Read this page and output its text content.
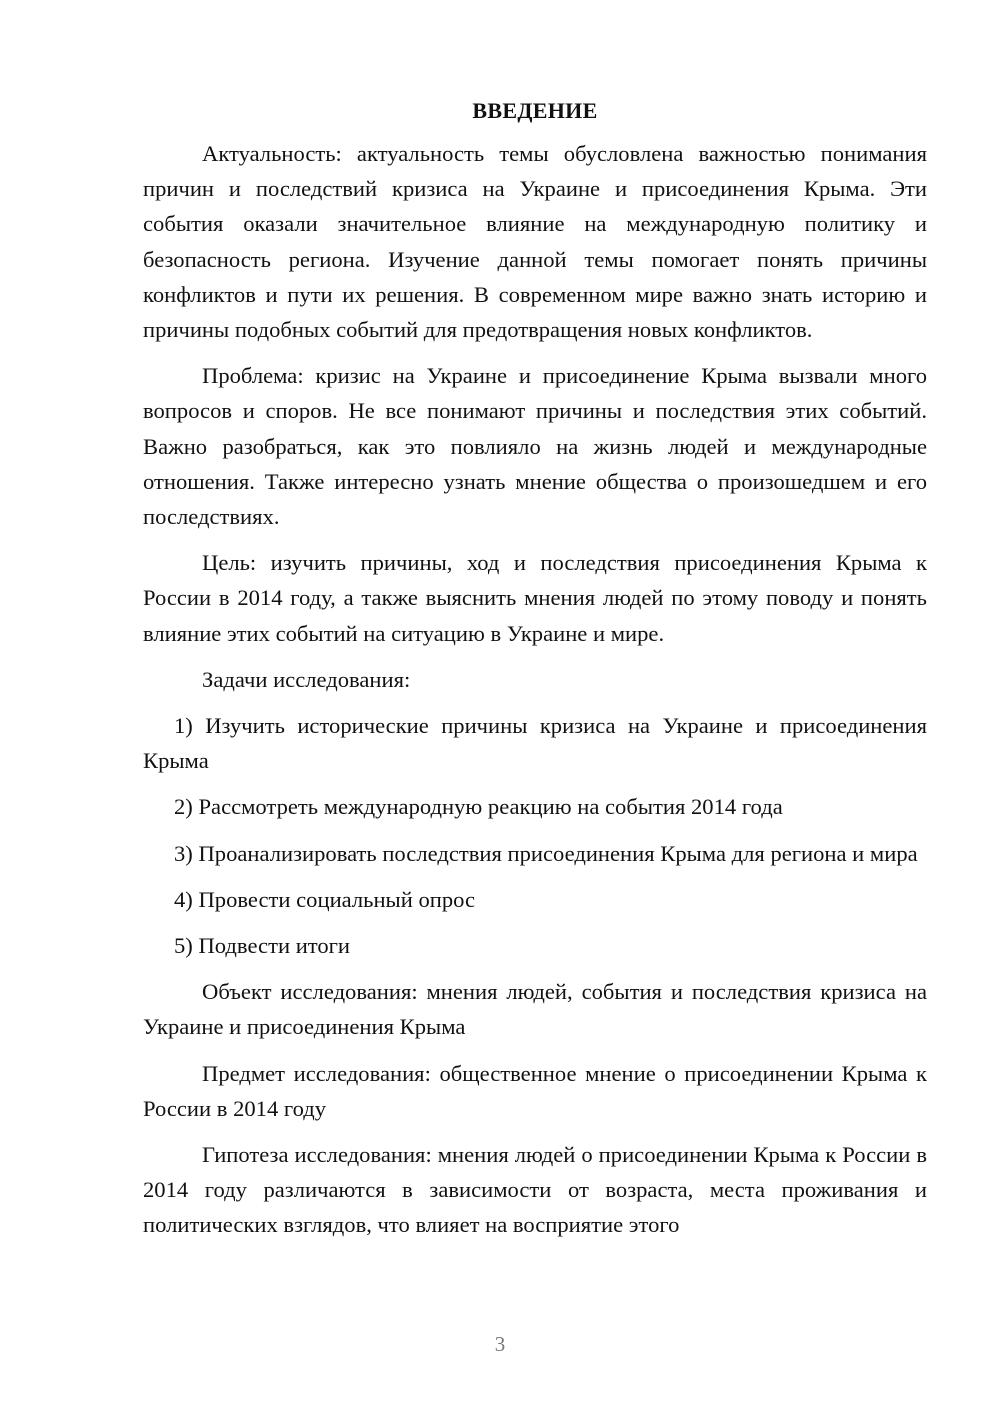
ВВЕДЕНИЕ

Актуальность: актуальность темы обусловлена важностью понимания причин и последствий кризиса на Украине и присоединения Крыма. Эти события оказали значительное влияние на международную политику и безопасность региона. Изучение данной темы помогает понять причины конфликтов и пути их решения. В современном мире важно знать историю и причины подобных событий для предотвращения новых конфликтов.

Проблема: кризис на Украине и присоединение Крыма вызвали много вопросов и споров. Не все понимают причины и последствия этих событий. Важно разобраться, как это повлияло на жизнь людей и международные отношения. Также интересно узнать мнение общества о произошедшем и его последствиях.

Цель: изучить причины, ход и последствия присоединения Крыма к России в 2014 году, а также выяснить мнения людей по этому поводу и понять влияние этих событий на ситуацию в Украине и мире.

Задачи исследования:

1) Изучить исторические причины кризиса на Украине и присоединения Крыма

2) Рассмотреть международную реакцию на события 2014 года

3) Проанализировать последствия присоединения Крыма для региона и мира

4) Провести социальный опрос

5) Подвести итоги

Объект исследования: мнения людей, события и последствия кризиса на Украине и присоединения Крыма

Предмет исследования: общественное мнение о присоединении Крыма к России в 2014 году

Гипотеза исследования: мнения людей о присоединении Крыма к России в 2014 году различаются в зависимости от возраста, места проживания и политических взглядов, что влияет на восприятие этого

3
